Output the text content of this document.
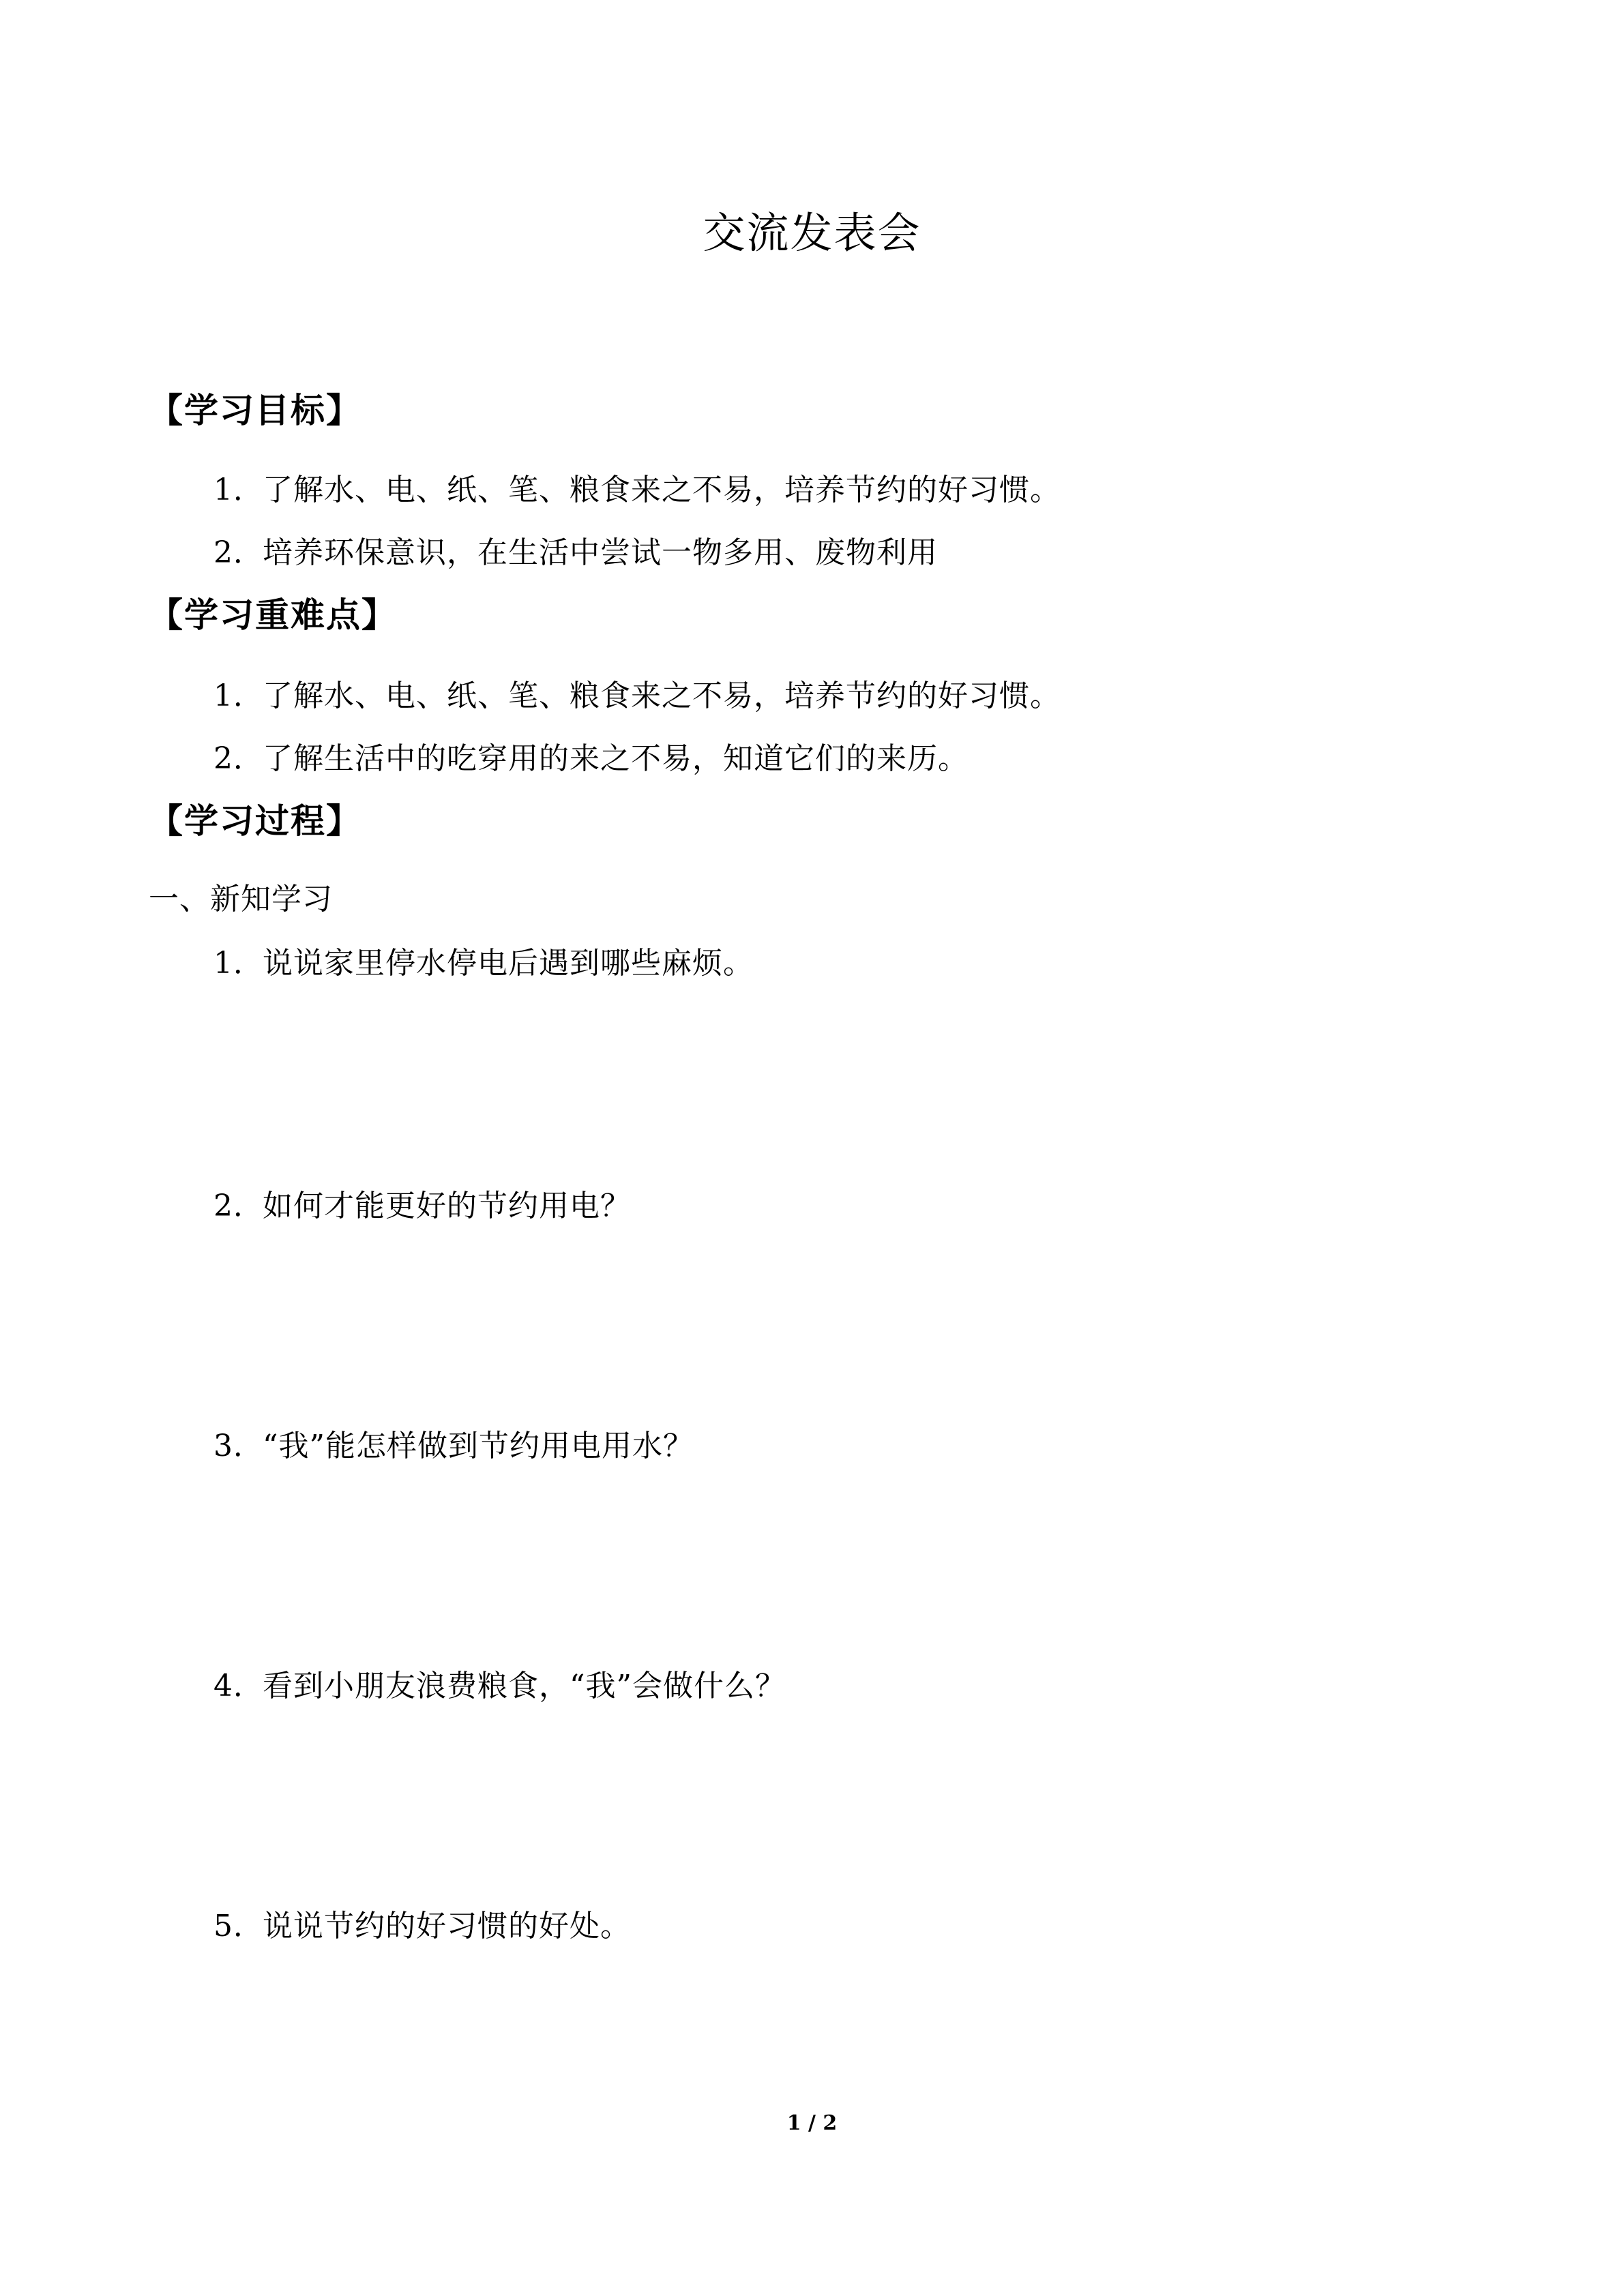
交流发表会
【学习目标】
1．了解水、电、纸、笔、粮食来之不易，培养节约的好习惯。
2．培养环保意识，在生活中尝试一物多用、废物利用
【学习重难点】
1．了解水、电、纸、笔、粮食来之不易，培养节约的好习惯。
2．了解生活中的吃穿用的来之不易，知道它们的来历。
【学习过程】
一、新知学习
1．说说家里停水停电后遇到哪些麻烦。
2．如何才能更好的节约用电？
3．“我”能怎样做到节约用电用水？
4．看到小朋友浪费粮食，“我”会做什么？
5．说说节约的好习惯的好处。
1 / 2
